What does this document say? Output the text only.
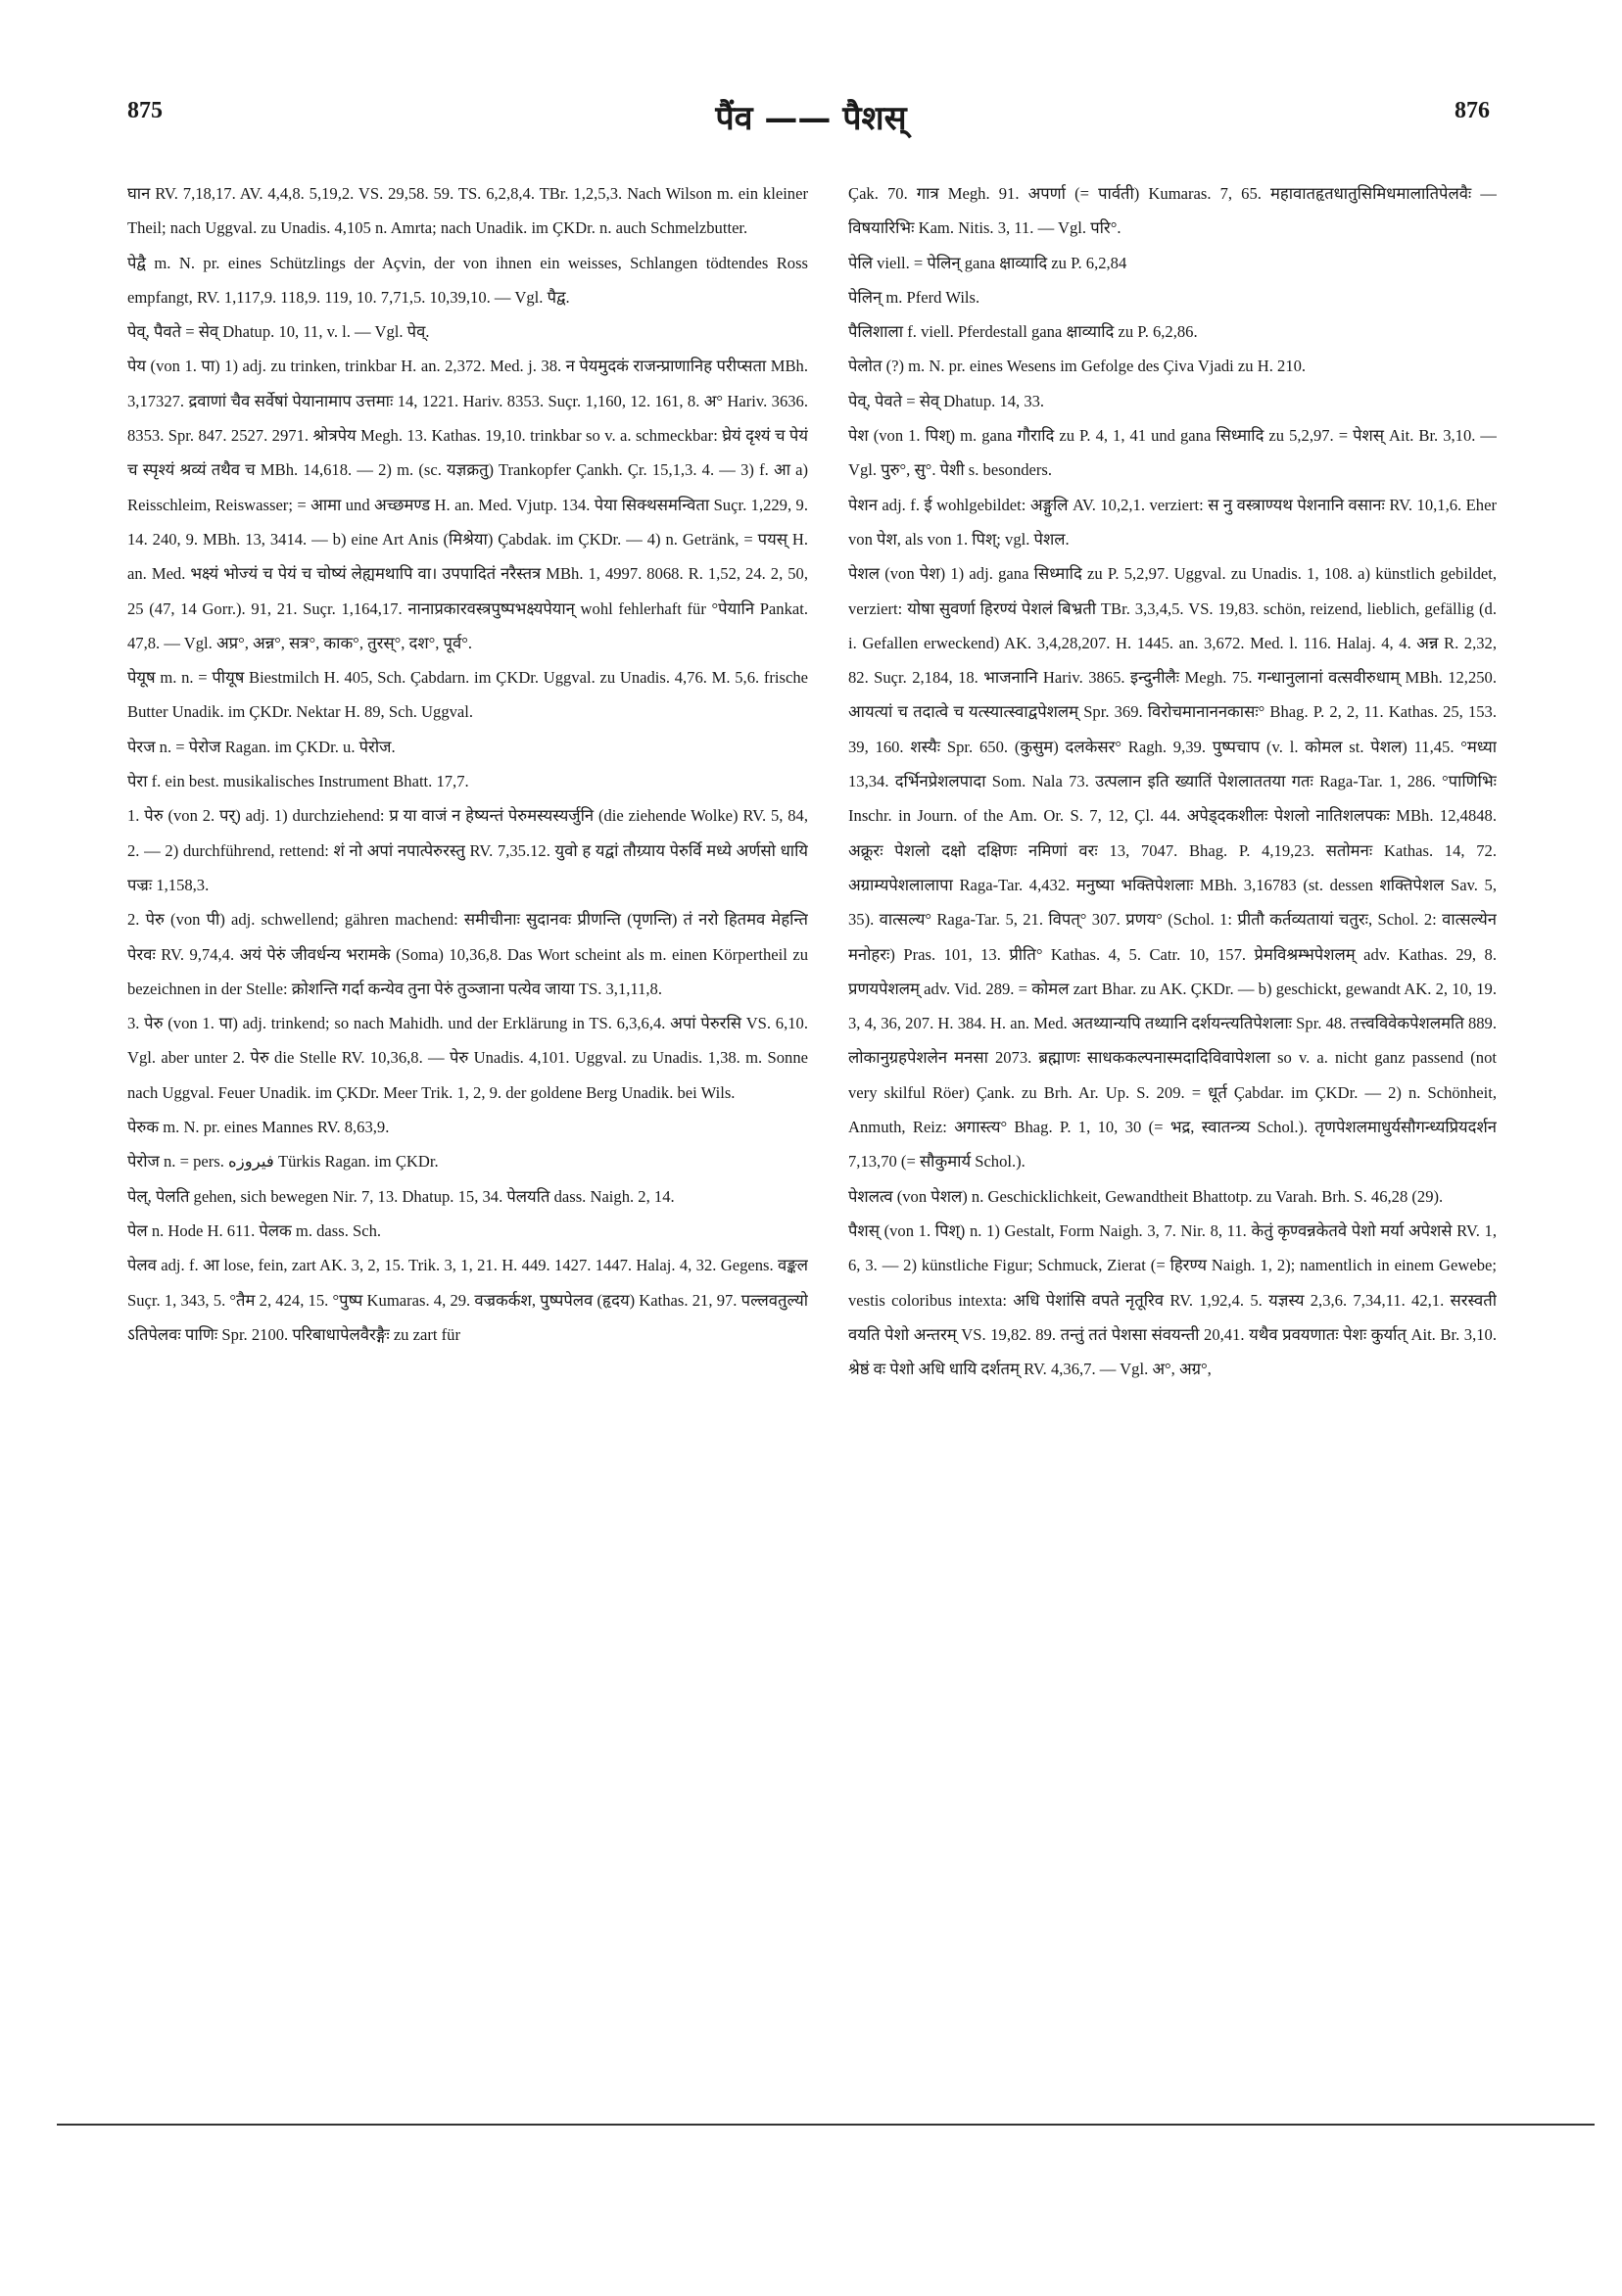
875	पैंव —— पैशस्	876

घान RV. 7,18,17. AV. 4,4,8. 5,19,2. VS. 29,58. 59. TS. 6,2,8,4. TBr. 1,2,5,3. Nach Wilson m. ein kleiner Theil; nach Uggval. zu Unadis. 4,105 n. Amrta; nach Unadik. im ÇKDr. n. auch Schmelzbutter.

पेद्वै m. N. pr. eines Schützlings der Açvin, der von ihnen ein weisses, Schlangen tödtendes Ross empfangt, RV. 1,117,9. 118,9. 119, 10. 7,71,5. 10,39,10. — Vgl. पैद्व.

पेव्, पैवते = सेव् Dhatup. 10, 11, v. l. — Vgl. पेव्.

पेय (von 1. पा) 1) adj. zu trinken, trinkbar H. an. 2,372. Med. j. 38. न पेयमुदकं राजन्प्राणानिह परीप्सता MBh. 3,17327. द्रवाणां चैव सर्वेषां पेयानामाप उत्तमाः 14, 1221. Hariv. 8353. Suçr. 1,160, 12. 161, 8. अ° Hariv. 3636. 8353. Spr. 847. 2527. 2971. श्रोत्रपेय Megh. 13. Kathas. 19,10. trinkbar so v. a. schmeckbar: घ्रेयं दृश्यं च पेयं च स्पृश्यं श्रव्यं तथैव च MBh. 14,618. — 2) m. (sc. यज्ञक्रतु) Trankopfer Çankh. Çr. 15,1,3. 4. — 3) f. आ a) Reisschleim, Reiswasser; = आमा und अच्छमण्ड H. an. Med. Vjutp. 134. पेया सिक्थसमन्विता Suçr. 1,229, 9. 14. 240, 9. MBh. 13, 3414. — b) eine Art Anis (मिश्रेया) Çabdak. im ÇKDr. — 4) n. Getränk, = पयस् H. an. Med. भक्ष्यं भोज्यं च पेयं च चोष्यं लेह्यमथापि वा। उपपादितं नरैस्तत्र MBh. 1, 4997. 8068. R. 1,52, 24. 2, 50, 25 (47, 14 Gorr.). 91, 21. Suçr. 1,164,17. नानाप्रकारवस्त्रपुष्पभक्ष्यपेयान् wohl fehlerhaft für °पेयानि Pankat. 47,8. — Vgl. अप्र°, अन्न°, सत्र°, काक°, तुरस्°, दश°, पूर्व°.

पेयूष m. n. = पीयूष Biestmilch H. 405, Sch. Çabdarn. im ÇKDr. Uggval. zu Unadis. 4,76. M. 5,6. frische Butter Unadik. im ÇKDr. Nektar H. 89, Sch. Uggval.

पेरज n. = पेरोज Ragan. im ÇKDr. u. पेरोज.

पेरा f. ein best. musikalisches Instrument Bhatt. 17,7.

1. पेरु (von 2. पर्) adj. 1) durchziehend: प्र या वाजं न हेष्यन्तं पेरुमस्यस्यर्जुनि (die ziehende Wolke) RV. 5, 84, 2. — 2) durchführend, rettend: शं नो अपां नपात्पेरुरस्तु RV. 7,35.12. युवो ह यद्वां तौग्र्याय पेरुर्वि मध्ये अर्णसो धायि पज्रः 1,158,3.

2. पेरु (von पी) adj. schwellend; gähren machend: समीचीनाः सुदानवः प्रीणन्ति (पृणन्ति) तं नरो हितमव मेहन्ति पेरवः RV. 9,74,4. अयं पेरुं जीवर्धन्य भरामके (Soma) 10,36,8. Das Wort scheint als m. einen Körpertheil zu bezeichnen in der Stelle: क्रोशन्ति गर्दा कन्येव तुना पेरुं तुञ्जाना पत्येव जाया TS. 3,1,11,8.

3. पेरु (von 1. पा) adj. trinkend; so nach Mahidh. und der Erklärung in TS. 6,3,6,4. अपां पेरुरसि VS. 6,10. Vgl. aber unter 2. पेरु die Stelle RV. 10,36,8. — पेरु Unadis. 4,101. Uggval. zu Unadis. 1,38. m. Sonne nach Uggval. Feuer Unadik. im ÇKDr. Meer Trik. 1, 2, 9. der goldene Berg Unadik. bei Wils.

पेरुक m. N. pr. eines Mannes RV. 8,63,9.

पेरोज n. = pers. فیروزه Türkis Ragan. im ÇKDr.

पेल्, पेलति gehen, sich bewegen Nir. 7, 13. Dhatup. 15, 34. पेलयति dass. Naigh. 2, 14.

पेल n. Hode H. 611. पेलक m. dass. Sch.

पेलव adj. f. आ lose, fein, zart AK. 3, 2, 15. Trik. 3, 1, 21. H. 449. 1427. 1447. Halaj. 4, 32. Gegens. वङ्कल Suçr. 1, 343, 5. °तैम 2, 424, 15. °पुष्प Kumaras. 4, 29. वज्रकर्कश, पुष्पपेलव (हृदय) Kathas. 21, 97. पल्लवतुल्यो ऽतिपेलवः पाणिः Spr. 2100. परिबाधापेलवैरङ्गैः zu zart für

Çak. 70. गात्र Megh. 91. अपर्णा (= पार्वती) Kumaras. 7, 65. महावातहृतधातुसिमिधमालातिपेलवैः — विषयारिभिः Kam. Nitis. 3, 11. — Vgl. परि°.

पेलि viell. = पेलिन् gana क्षाव्यादि zu P. 6,2,84

पेलिन् m. Pferd Wils.

पैलिशाला f. viell. Pferdestall gana क्षाव्यादि zu P. 6,2,86.

पेलोत (?) m. N. pr. eines Wesens im Gefolge des Çiva Vjadi zu H. 210.

पेव्, पेवते = सेव् Dhatup. 14, 33.

पेश (von 1. पिश्) m. gana गौरादि zu P. 4, 1, 41 und gana सिध्मादि zu 5,2,97. = पेशस् Ait. Br. 3,10. — Vgl. पुरु°, सु°. पेशी s. besonders.

पेशन adj. f. ई wohlgebildet: अङ्गुलि AV. 10,2,1. verziert: स नु वस्त्राण्यथ पेशनानि वसानः RV. 10,1,6. Eher von पेश, als von 1. पिश्; vgl. पेशल.

पेशल (von पेश) 1) adj. gana सिध्मादि zu P. 5,2,97. Uggval. zu Unadis. 1, 108. a) künstlich gebildet, verziert: योषा सुवर्णा हिरण्यं पेशलं बिभ्रती TBr. 3,3,4,5. VS. 19,83. schön, reizend, lieblich, gefällig (d. i. Gefallen erweckend) AK. 3,4,28,207. H. 1445. an. 3,672. Med. l. 116. Halaj. 4, 4. अन्न R. 2,32, 82. Suçr. 2,184, 18. भाजनानि Hariv. 3865. इन्दुनीलैः Megh. 75. गन्धानुलानां वत्सवीरुधाम् MBh. 12,250. आयत्यां च तदात्वे च यत्स्यात्स्वाद्वपेशलम् Spr. 369. विरोचमानाननकासः° Bhag. P. 2, 2, 11. Kathas. 25, 153. 39, 160. शस्यैः Spr. 650. (कुसुम) दलकेसर° Ragh. 9,39. पुष्पचाप (v. l. कोमल st. पेशल) 11,45. °मध्या 13,34. दर्भिनप्रेशलपादा Som. Nala 73. उत्पलान इति ख्यातिं पेशलाततया गतः Raga-Tar. 1, 286. °पाणिभिः Inschr. in Journ. of the Am. Or. S. 7, 12, Çl. 44. अपेड्दकशीलः पेशलो नातिशलपकः MBh. 12,4848. अक्रूरः पेशलो दक्षो दक्षिणः नमिणां वरः 13, 7047. Bhag. P. 4,19,23. सतोमनः Kathas. 14, 72. अग्राम्यपेशलालापा Raga-Tar. 4,432. मनुष्या भक्तिपेशलाः MBh. 3,16783 (st. dessen शक्तिपेशल Sav. 5, 35). वात्सल्य° Raga-Tar. 5, 21. विपत्° 307. प्रणय° (Schol. 1: प्रीतौ कर्तव्यतायां चतुरः, Schol. 2: वात्सल्येन मनोहरः) Pras. 101, 13. प्रीति° Kathas. 4, 5. Catr. 10, 157. प्रेमविश्रम्भपेशलम् adv. Kathas. 29, 8. प्रणयपेशलम् adv. Vid. 289. = कोमल zart Bhar. zu AK. ÇKDr. — b) geschickt, gewandt AK. 2, 10, 19. 3, 4, 36, 207. H. 384. H. an. Med. अतथ्यान्यपि तथ्यानि दर्शयन्त्यतिपेशलाः Spr. 48. तत्त्वविवेकपेशलमति 889. लोकानुग्रहपेशलेन मनसा 2073. ब्रह्माणः साधककल्पनास्मदादिविवापेशला so v. a. nicht ganz passend (not very skilful Röer) Çank. zu Brh. Ar. Up. S. 209. = धूर्त Çabdar. im ÇKDr. — 2) n. Schönheit, Anmuth, Reiz: अगास्त्य° Bhag. P. 1, 10, 30 (= भद्र, स्वातन्त्र्य Schol.). तृणपेशलमाधुर्यसौगन्ध्यप्रियदर्शन 7,13,70 (= सौकुमार्य Schol.).

पेशलत्व (von पेशल) n. Geschicklichkeit, Gewandtheit Bhattotp. zu Varah. Brh. S. 46,28 (29).

पैशस् (von 1. पिश्) n. 1) Gestalt, Form Naigh. 3, 7. Nir. 8, 11. केतुं कृण्वन्नकेतवे पेशो मर्या अपेशसे RV. 1, 6, 3. — 2) künstliche Figur; Schmuck, Zierat (= हिरण्य Naigh. 1, 2); namentlich in einem Gewebe; vestis coloribus intexta: अधि पेशांसि वपते नृतूरिव RV. 1,92,4. 5. यज्ञस्य 2,3,6. 7,34,11. 42,1. सरस्वती वयति पेशो अन्तरम् VS. 19,82. 89. तन्तुं ततं पेशसा संवयन्ती 20,41. यथैव प्रवयणातः पेशः कुर्यात् Ait. Br. 3,10. श्रेष्ठं वः पेशो अधि धायि दर्शतम् RV. 4,36,7. — Vgl. अ°, अग्र°,
